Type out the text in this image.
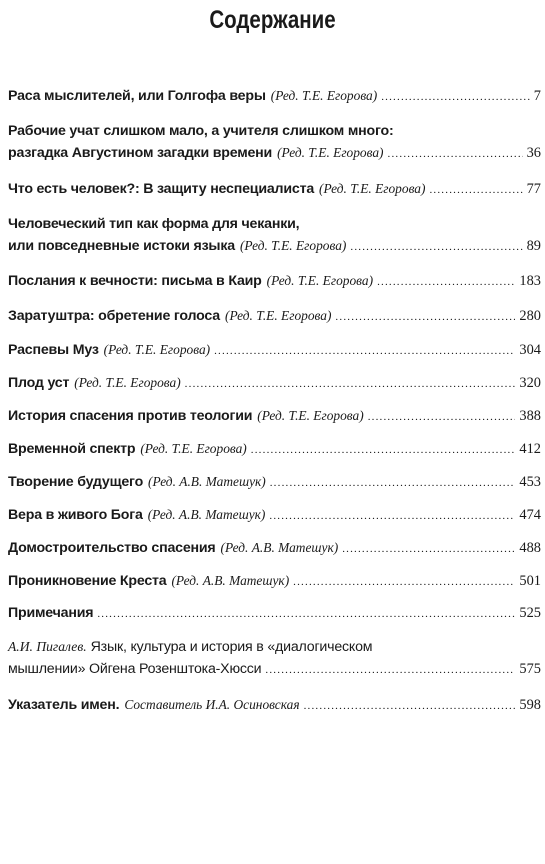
Содержание
Раса мыслителей, или Голгофа веры (Ред. Т.Е. Егорова) .....	7
Рабочие учат слишком мало, а учителя слишком много:
разгадка Августином загадки времени (Ред. Т.Е. Егорова) .....	36
Что есть человек?: В защиту неспециалиста (Ред. Т.Е. Егорова) .....	77
Человеческий тип как форма для чеканки,
или повседневные истоки языка (Ред. Т.Е. Егорова) .....	89
Послания к вечности: письма в Каир (Ред. Т.Е. Егорова) .....	183
Заратуштра: обретение голоса (Ред. Т.Е. Егорова) .....	280
Распевы Муз (Ред. Т.Е. Егорова) .....	304
Плод уст (Ред. Т.Е. Егорова) .....	320
История спасения против теологии (Ред. Т.Е. Егорова) .....	388
Временной спектр (Ред. Т.Е. Егорова) .....	412
Творение будущего (Ред. А.В. Матешук) .....	453
Вера в живого Бога (Ред. А.В. Матешук) .....	474
Домостроительство спасения (Ред. А.В. Матешук) .....	488
Проникновение Креста (Ред. А.В. Матешук) .....	501
Примечания .....	525
А.И. Пигалев. Язык, культура и история в «диалогическом
мышлении» Ойгена Розенштока-Хюсси .....	575
Указатель имен. Составитель И.А. Осиновская .....	598
